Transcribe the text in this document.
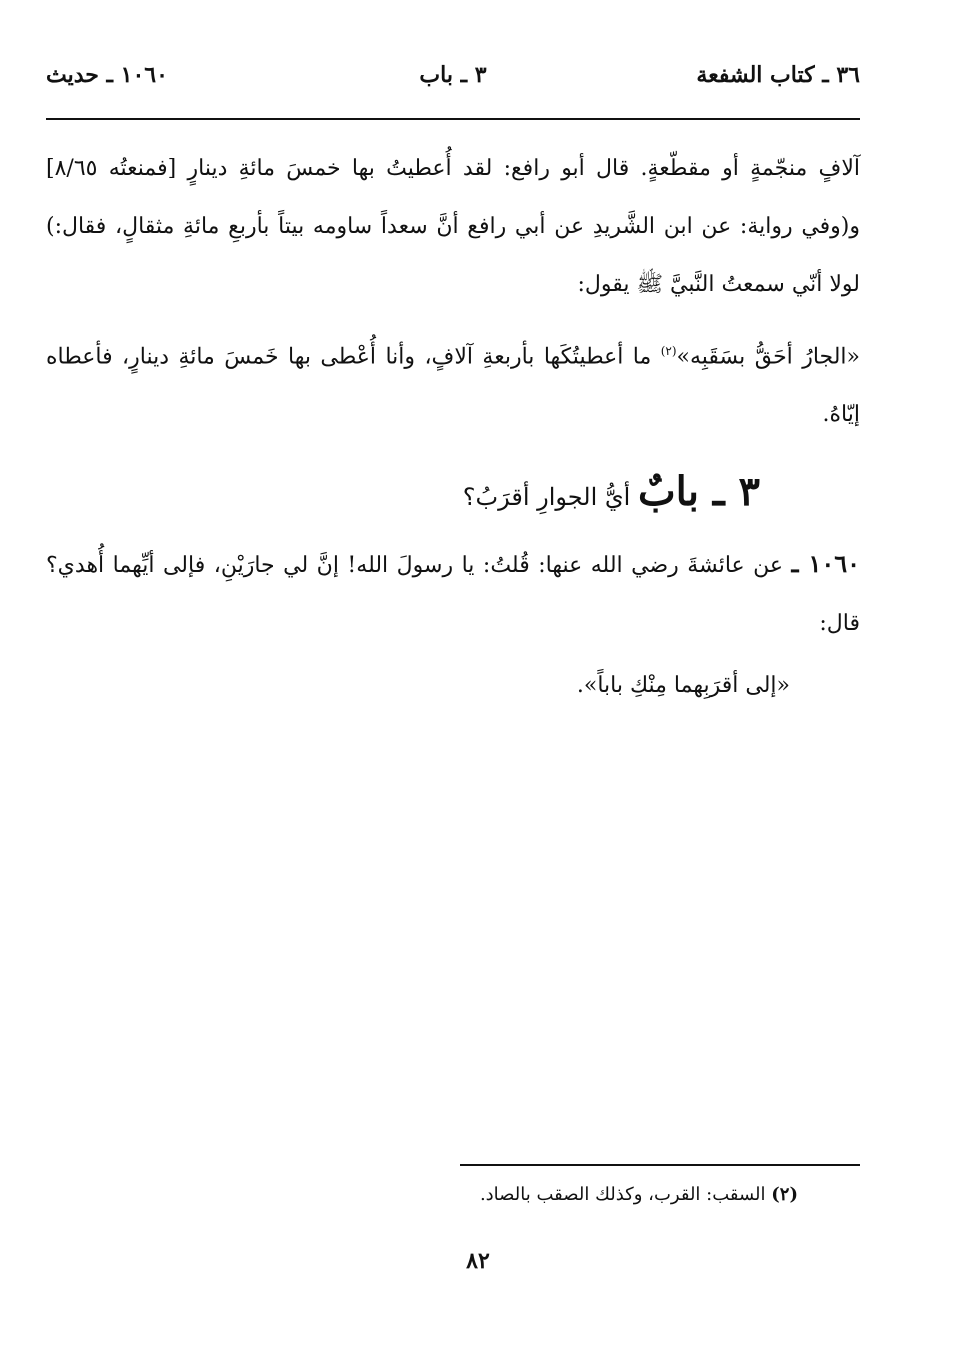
٣٦ ـ كتاب الشفعة
٣ ـ باب
١٠٦٠ ـ حديث

آلافٍ منجّمةٍ أو مقطّعةٍ. قال أبو رافع: لقد أُعطيتُ بها خمسَ مائةِ دينارٍ [فمنعتُه ٨/٦٥] و(وفي رواية: عن ابن الشَّريدِ عن أبي رافع أنَّ سعداً ساومه بيتاً بأربعِ مائةِ مثقالٍ، فقال:) لولا أنّي سمعتُ النَّبيَّ ﷺ يقول:

«الجارُ أحَقُّ بسَقَبِه»$^{(٢)}$ ما أعطيتُكَها بأربعةِ آلافٍ، وأنا أُعْطى بها خَمسَ مائةِ دينارٍ، فأعطاه إيّاهُ.

٣ ـ بابٌ أيُّ الجوارِ أقرَبُ؟

١٠٦٠ ـ عن عائشةَ رضي الله عنها: قُلتُ: يا رسولَ الله! إنَّ لي جارَيْنِ، فإلى أيِّهما أُهدي؟ قال:

«إلى أقرَبِهما مِنْكِ باباً».

(٢) السقب: القرب، وكذلك الصقب بالصاد.
٨٢
